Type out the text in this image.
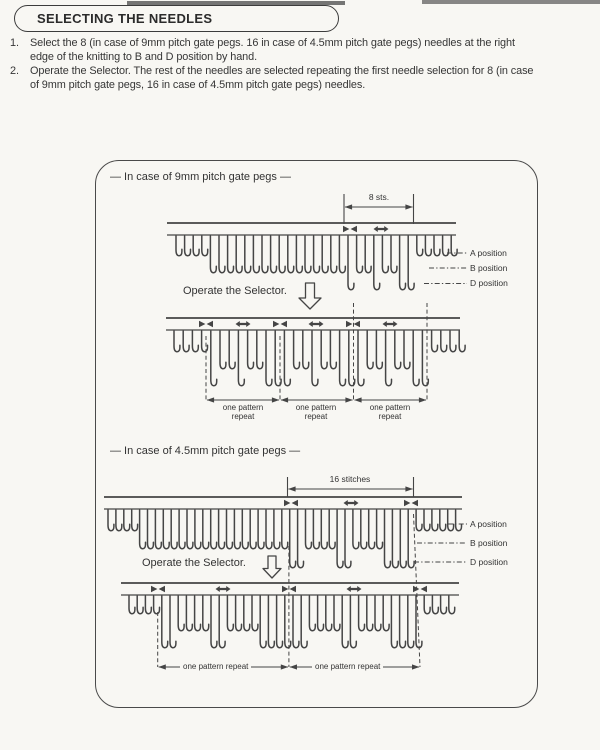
SELECTING THE NEEDLES
1.	Select the 8 (in case of 9mm pitch gate pegs. 16 in case of 4.5mm pitch gate pegs) needles at the right
edge of the knitting to B and D position by hand.
2.	Operate the Selector. The rest of the needles are selected repeating the first needle selection for 8 (in case
of 9mm pitch gate pegs, 16 in case of 4.5mm pitch gate pegs) needles.
— In case of 9mm pitch gate pegs —
8 sts.
A position
B position
D position
Operate the Selector.
one pattern
repeat
one pattern
repeat
one pattern
repeat
— In case of 4.5mm pitch gate pegs —
16 stitches
A position
B position
D position
Operate the Selector.
one pattern repeat	one pattern repeat
